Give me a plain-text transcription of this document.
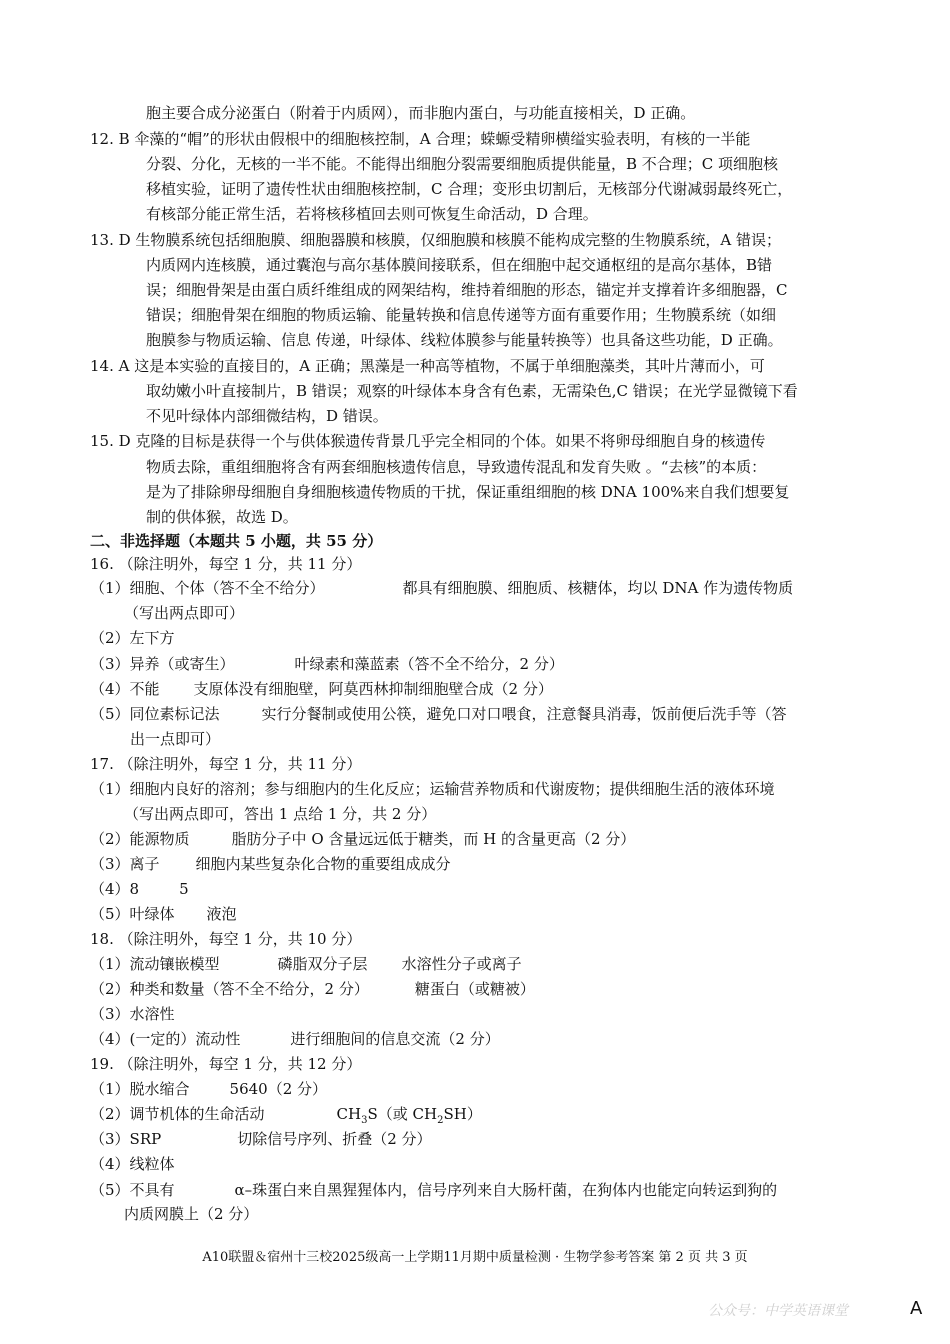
胞主要合成分泌蛋白（附着于内质网），而非胞内蛋白，与功能直接相关，D 正确。
12. B 伞藻的“帽”的形状由假根中的细胞核控制，A 合理；蝾螈受精卵横缢实验表明，有核的一半能
分裂、分化，无核的一半不能。不能得出细胞分裂需要细胞质提供能量，B 不合理；C 项细胞核
移植实验，证明了遗传性状由细胞核控制，C 合理；变形虫切割后，无核部分代谢减弱最终死亡，
有核部分能正常生活，若将核移植回去则可恢复生命活动，D 合理。
13. D 生物膜系统包括细胞膜、细胞器膜和核膜，仅细胞膜和核膜不能构成完整的生物膜系统，A 错误；
内质网内连核膜，通过囊泡与高尔基体膜间接联系，但在细胞中起交通枢纽的是高尔基体，B错
误；细胞骨架是由蛋白质纤维组成的网架结构，维持着细胞的形态，锚定并支撑着许多细胞器，C
错误；细胞骨架在细胞的物质运输、能量转换和信息传递等方面有重要作用；生物膜系统（如细
胞膜参与物质运输、信息 传递，叶绿体、线粒体膜参与能量转换等）也具备这些功能，D 正确。
14. A 这是本实验的直接目的，A 正确；黑藻是一种高等植物，不属于单细胞藻类，其叶片薄而小，可
取幼嫩小叶直接制片，B 错误；观察的叶绿体本身含有色素，无需染色,C 错误；在光学显微镜下看
不见叶绿体内部细微结构，D 错误。
15. D 克隆的目标是获得一个与供体猴遗传背景几乎完全相同的个体。如果不将卵母细胞自身的核遗传
物质去除，重组细胞将含有两套细胞核遗传信息，导致遗传混乱和发育失败 。“去核”的本质：
是为了排除卵母细胞自身细胞核遗传物质的干扰，保证重组细胞的核 DNA 100%来自我们想要复
制的供体猴，故选 D。
二、非选择题（本题共 5 小题，共 55 分）
16. （除注明外，每空 1 分，共 11 分）
（1）细胞、个体（答不全不给分）	都具有细胞膜、细胞质、核糖体，均以 DNA 作为遗传物质
（写出两点即可）
（2）左下方
（3）异养（或寄生）	叶绿素和藻蓝素（答不全不给分，2 分）
（4）不能 支原体没有细胞壁，阿莫西林抑制细胞壁合成（2 分）
（5）同位素标记法	实行分餐制或使用公筷，避免口对口喂食，注意餐具消毒，饭前便后洗手等（答
出一点即可）
17. （除注明外，每空 1 分，共 11 分）
（1）细胞内良好的溶剂；参与细胞内的生化反应；运输营养物质和代谢废物；提供细胞生活的液体环境
（写出两点即可，答出 1 点给 1 分，共 2 分）
（2）能源物质	脂肪分子中 O 含量远远低于糖类，而 H 的含量更高（2 分）
（3）离子 细胞内某些复杂化合物的重要组成成分
（4）8	5
（5）叶绿体 液泡
18. （除注明外，每空 1 分，共 10 分）
（1）流动镶嵌模型	磷脂双分子层 水溶性分子或离子
（2）种类和数量（答不全不给分，2 分）	糖蛋白（或糖被）
（3）水溶性
（4）(一定的）流动性	进行细胞间的信息交流（2 分）
19. （除注明外，每空 1 分，共 12 分）
（1）脱水缩合	5640（2 分）
（2）调节机体的生命活动	$CH_3S$（或 $CH_2SH$）
（3）SRP	切除信号序列、折叠（2 分）
（4）线粒体
（5）不具有	α–珠蛋白来自黑猩猩体内，信号序列来自大肠杆菌，在狗体内也能定向转运到狗的
内质网膜上（2 分）
A10联盟＆宿州十三校2025级高一上学期11月期中质量检测 · 生物学参考答案 第 2 页 共 3 页
公众号：中学英语课堂	A
